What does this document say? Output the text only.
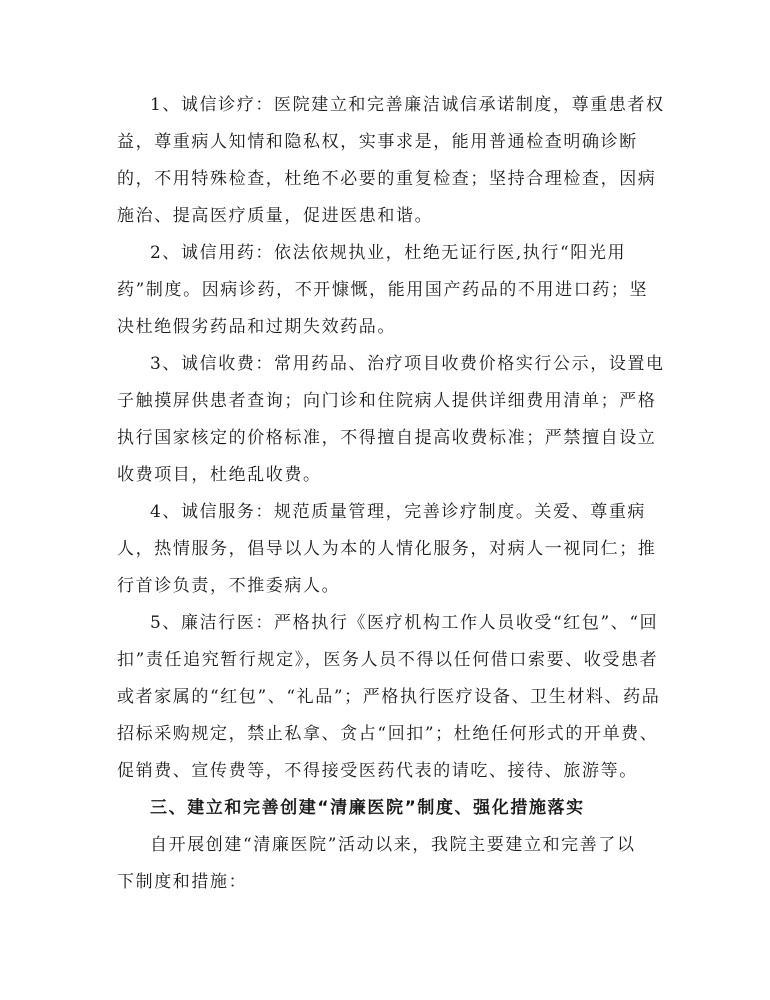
1、诚信诊疗：医院建立和完善廉洁诚信承诺制度，尊重患者权
益，尊重病人知情和隐私权，实事求是，能用普通检查明确诊断
的，不用特殊检查，杜绝不必要的重复检查；坚持合理检查，因病
施治、提高医疗质量，促进医患和谐。
2、诚信用药：依法依规执业，杜绝无证行医,执行“阳光用
药”制度。因病诊药，不开慷慨，能用国产药品的不用进口药；坚
决杜绝假劣药品和过期失效药品。
3、诚信收费：常用药品、治疗项目收费价格实行公示，设置电
子触摸屏供患者查询；向门诊和住院病人提供详细费用清单；严格
执行国家核定的价格标准，不得擅自提高收费标准；严禁擅自设立
收费项目，杜绝乱收费。
4、诚信服务：规范质量管理，完善诊疗制度。关爱、尊重病
人，热情服务，倡导以人为本的人情化服务，对病人一视同仁；推
行首诊负责，不推委病人。
5、廉洁行医：严格执行《医疗机构工作人员收受“红包”、“回
扣”责任追究暂行规定》，医务人员不得以任何借口索要、收受患者
或者家属的“红包”、“礼品”；严格执行医疗设备、卫生材料、药品
招标采购规定，禁止私拿、贪占“回扣”；杜绝任何形式的开单费、
促销费、宣传费等，不得接受医药代表的请吃、接待、旅游等。
三、建立和完善创建“清廉医院”制度、强化措施落实
自开展创建“清廉医院”活动以来，我院主要建立和完善了以
下制度和措施：
